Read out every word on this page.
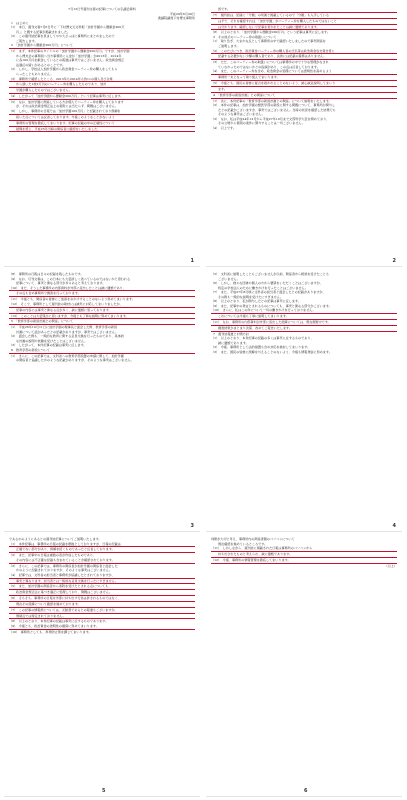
7月13日号週刊文春の記事についての弘議会資料
平成29年6月29日
衆議院議員下村博文事務所
1　はじめに
（1）　本日、週刊文春7月6日号に「下村博文元文科相「加計学園から闇献金200万
円」」と題する記事が掲載されました。
（2）　この週刊誌記事を見ましてやや大ざっぱに事務所にまとめましたので
ご報告します。
2　「加計学園から闇献金200万円」について
（1）　まず、本件記事のタイトルの「加計学園から闇献金200万円」ですが、加計学園
から博友会の事務局へ当方事務所に入金が「加計学園」が2013年、2014年
に各100万円を献金しているとの報道は事実ではございません。政治資金規正
法違反の疑いがあるとのことです。
（2）　しかし、学校法人加計学園から政治資金パーティー券の購入をしてもら
らったこともありません。
（3）　事務所で確認したところ、2013年も2014年も約11の個人及び企業
から頂いた1枚2万円のパーティー券を購入したものであり、加計
学園が購入したものではございません。
（4）　したがって「加計学園から闇献金200万円」という記事は事実に反します。
（5）　なお、加計学園に関係している方が個人でパーティー券を購入しております
が、それは政治資金規正法上の寄附には当たらず、問題はございません。
（6）　しかし、事務所の日報では「加計学園100万円」と記載されており誤解を
招いた点については反省しております。今後このようなことがないよう
事務所の管理を徹底してまいります。記事の記載の中の正確性について
疑問を感じ、平成25年当時の関係者に確認をいたしました。
1
該です。
（7）　週刊誌は、記録に「分類」の所属と掲載しているので「分類」も入手している
はずで、それを確認すれば、「加計学園」がパーティー券を購入したものではないこと
は分かります。確認しないで記事を書かれたことは誠に遺憾であります。
（8）　以上のとおり、「加計学園から闇献金200万円」という記事は事実に反します。
3　その他そのパーティー券の取扱いについて
（1）　取り急ぎ、大まかな点として事務所の中で確認いたしましたので事実関係を
ご説明します。
（2）　このたびにつき、政治資金パーティー券の購入者の氏名等は政治資金収支報告書に
記載する必要がない少額の購入者であり、法的には記載の義務はありません。
（3）　ただ、このパーティー券の取扱いについては事務所の中で十分な管理がなされ
ていなかったのではないかとの指摘があり、この点は反省しております。
（4）　また、このパーティー券を含め、政治資金の処理については透明性を高めるよう
事務所一丸となって取り組んでまいります。
（5）　今後とも、国民の皆様に疑念を抱かれることのないよう、誠心誠意説明してまいり
ます。
4　「教育学部の新設計画」との関係について
（1）　次に、本件記事の「教育学部の新設計画との関係」について説明をいたします。
（2）　本件の記事は、加計学園の獣医学部の新設に関する問題について、事務所が関与し
たとの記載がございますが、事実ではございません。当時の状況を確認した結果でも
そのような事実はございません。
（3）　なお、私は平成24年12月から平成27年10月まで文部科学大臣を務めており、
その立場から個別の案件に関与することは一切ございません。
（4）　以上です。
2
（8）　事務所の日報は日々の記録を残したものです。
（9）　なお、月刊文春は、この日本にも大変詳しく述べているのではないかと思われる
記事について、事実と異なる部分が多々あると考えております。
（10）　また、そうした事務所の内部資料が外部に流出したことは誠に遺憾であり、
その点も含め事務所で調査を行っております。
（11）　今後とも、関係者の皆様にご迷惑をおかけすることのないよう努めてまいります。
（12）　そこで、事務所として週刊誌の取材には誠実に対応してまいりましたが、
記事の内容には事実と異なる点が多く、誠に遺憾に思っております。
（13）　このことは大変残念に思いますが、今後とも丁寧な説明に努めてまいります。
5　「教育学部の新設計画との関係」について
（1）　平成26年10月11日に加計学園の理事長と面会した際、教育学部の新設
計画について話があったとの記載がありますが、事実ではございません。
（2）　面会した際も、一般的な教育に関する意見交換を行ったものであり、具体的
な計画の説明や依頼を受けたことはございません。
（3）　したがって、本件記事の記載は事実に反します。
6　教育学部の新設について
（1）　さらに、この記事では、文科省への教育学部設置の申請に関して、加計学園
の関係者と協議したかのような記載がありますが、そのような事実はございません。
3
（5）　文科省に説明したこともございませんが以前、関係者から相談を受けたことも
ございません。
（6）　しかし、様々な団体や個人の方から要望をいただくことはございますが、
特定の学校法人のために働きかけを行ったことはございません。
（7）　また、平成27年8月頃に文科省の担当者と面会したとの記載がありますが、
その際も一般的な説明を受けたにすぎません。
（8）　以上のとおり、私が関与したとの記事は事実に反します。
（9）　また、記事中の発言とされるものについても、事実と異なる部分がございます。
（10）　さらに、私はこの件について一切の働きかけを行っておりません。
これについては今後も丁寧に説明してまいります。
（11）　なお、事務所の内部資料が外部に流出した経緯については、現在調査中です。
調査結果がまとまり次第、改めてご報告いたします。
7　週刊誌報道と対策方針
（1）　以上のとおり、本件記事の記載の多くは事実に反するものであり、
誠に遺憾であります。
（2）　今後、事務所として法的措置も含め対応を検討してまいります。
（3）　また、国民の皆様に誤解を与えることのないよう、今後も情報発信に努めます。
4
であるかのようにあるとの週刊誌記事についてご説明いたします。
（1）　本件記事は、事務所の日報の記載を根拠としておりますが、日報の記載は
正確でない部分があり、誤解を招くものであったと反省しております。
（2）　また、記事中の日報は複数の者が作成したものであり、
その内容には不正確な記載も含まれていることが確認されております。
（3）　さらに、この記事では、事務所の関係者が加計学園の関係者と面会した
かのように記載されておりますが、そのような事実はございません。
（4）　記事では、文科省の担当者と事務所が協議したとされておりますが、
事実と異なります。担当者とは一般的な意見交換を行ったにすぎません。
（5）　また、加計学園の関係者から寄附を受けたとされる点についても、
政治資金規正法に基づき適正に処理しており、問題はございません。
（6）　そもそも、事務所の日報を外部に持ち出す行為は許されるものではなく、
現在その経緯について確認を進めております。
（7）　この記事の情報源については、元秘書であるとの報道もございますが、
現時点では特定されておりません。
（8）　以上のとおり、本件記事の記載は事実に反するものであります。
（9）　今後とも、政治資金の透明性の確保に努めてまいります。
（10）　事務所としても、再発防止策を講じてまいります。
5
判断が大切と考え、事務所内の関係書類のパソコンについて
現在確認を進めているところです。
（11）　しかしながら、週刊誌に掲載された日報は事務所のパソコンから
持ち出されたものと考えられ、誠に遺憾であります。
（12）　今後、事務所の情報管理を徹底してまいります。
（以上）
6
